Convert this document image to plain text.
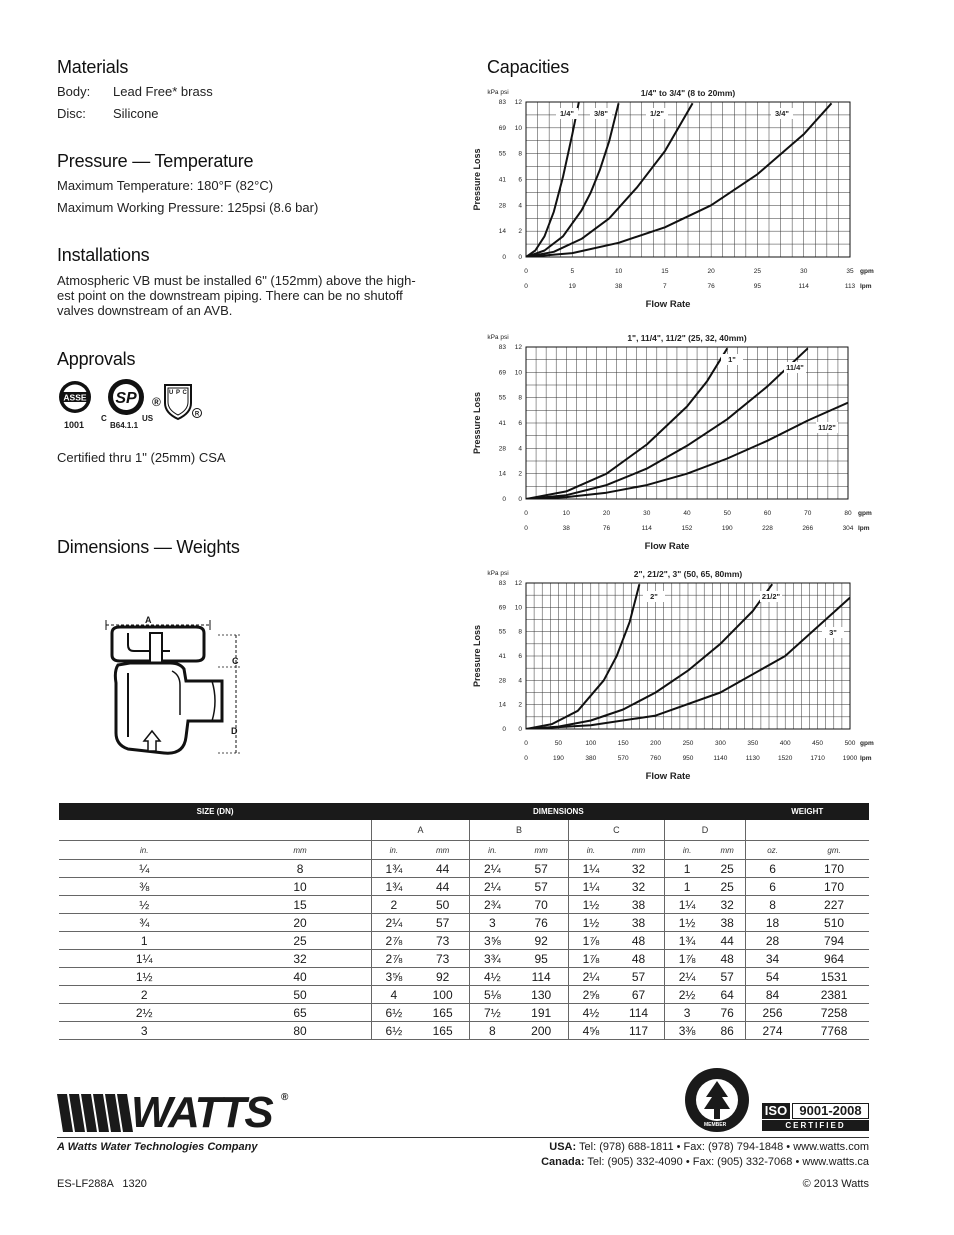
Materials
Body: Lead Free* brass
Disc: Silicone
Pressure — Temperature
Maximum Temperature: 180°F (82°C)
Maximum Working Pressure: 125psi (8.6 bar)
Installations
Atmospheric VB must be installed 6" (152mm) above the high-
est point on the downstream piping. There can be no shutoff
valves downstream of an AVB.
Approvals
ASSE
1001
SP
C	US
B64.1.1
R
U P C
®
Certified thru 1" (25mm) CSA
Dimensions — Weights
A
C
D
Capacities
0
0
2
14
4
28
6
41
8
55
10
69
12
83
kPa psi
Pressure Loss
0
0
5
19
10
38
15
7
20
76
25
95
30
114
35
113
gpm
lpm
Flow Rate
1/4" to 3/4" (8 to 20mm)
1/4"	3/8"	1/2"	3/4"
0
0
2
14
4
28
6
41
8
55
10
69
12
83
kPa psi
Pressure Loss
0
0
10
38
20
76
30
114
40
152
50
190
60
228
70
266
80
304
gpm
lpm
Flow Rate
1", 11/4", 11/2" (25, 32, 40mm)
1"
11/4"
11/2"
0
0
2
14
4
28
6
41
8
55
10
69
12
83
kPa psi
Pressure Loss
0
0
50
190
100
380
150
570
200
760
250
950
300
1140
350
1130
400
1520
450
1710
500
1900
gpm
lpm
Flow Rate
2", 21/2", 3" (50, 65, 80mm)
2"	21/2"
3"
SIZE (DN)		DIMENSIONS								WEIGHT	
		A		B		C		D			
in.	mm	in.	mm	in.	mm	in.	mm	in.	mm	oz.	gm.
¼	8	1¾	44	2¼	57	1¼	32	1	25	6	170
⅜	10	1¾	44	2¼	57	1¼	32	1	25	6	170
½	15	2	50	2¾	70	1½	38	1¼	32	8	227
¾	20	2¼	57	3	76	1½	38	1½	38	18	510
1	25	2⅞	73	3⅝	92	1⅞	48	1¾	44	28	794
1¼	32	2⅞	73	3¾	95	1⅞	48	1⅞	48	34	964
1½	40	3⅝	92	4½	114	2¼	57	2¼	57	54	1531
2	50	4	100	5⅛	130	2⅝	67	2½	64	84	2381
2½	65	6½	165	7½	191	4½	114	3	76	256	7258
3	80	6½	165	8	200	4⅝	117	3⅜	86	274	7768
WATTS ®
A Watts Water Technologies Company
MEMBER
ISO 9001-2008
CERTIFIED
USA: Tel: (978) 688-1811 • Fax: (978) 794-1848 • www.watts.com
Canada: Tel: (905) 332-4090 • Fax: (905) 332-7068 • www.watts.ca
ES-LF288A   1320	© 2013 Watts
